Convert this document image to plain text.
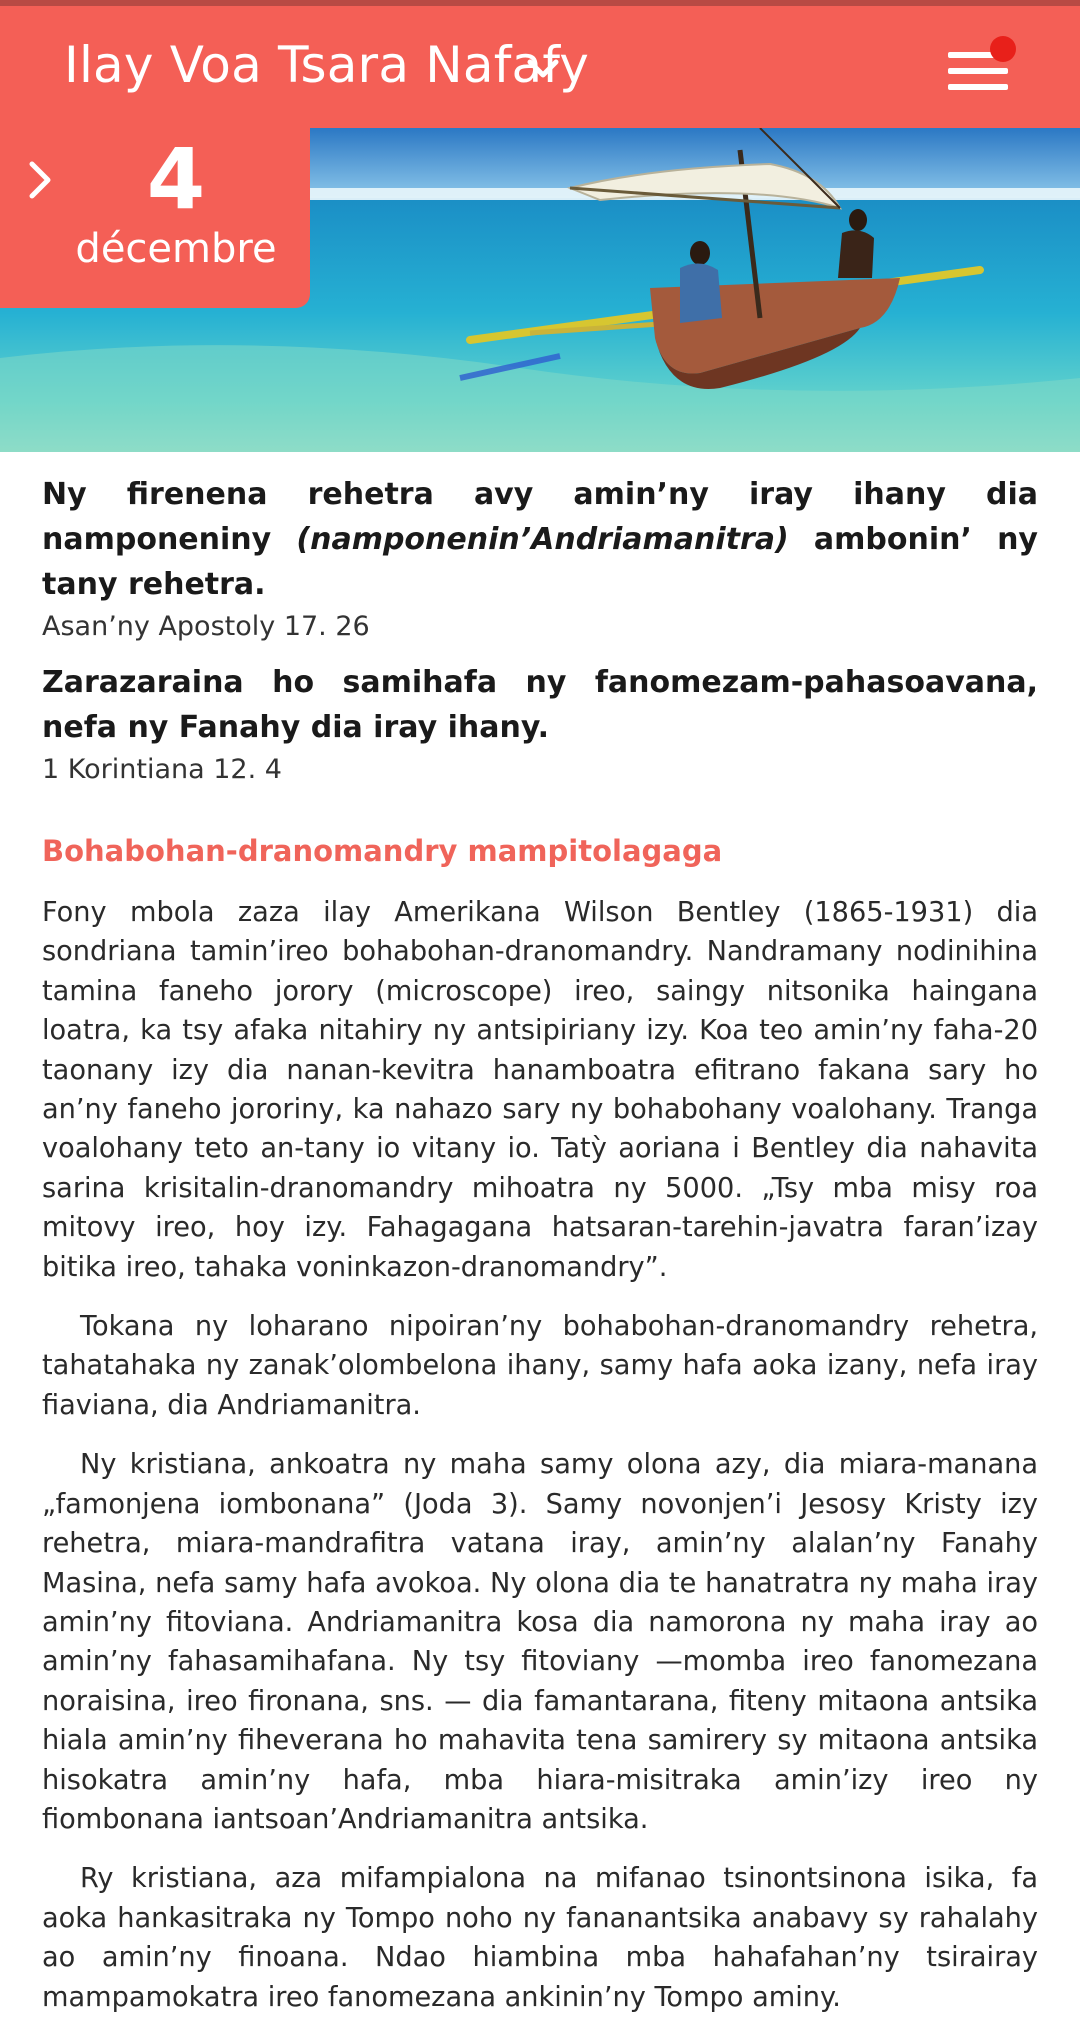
Ilay Voa Tsara Nafafy
4
décembre

Ny firenena rehetra avy amin’ny iray ihany dia namponeniny (namponenin’Andriamanitra) ambonin’ ny tany rehetra.

Asan’ny Apostoly 17. 26

Zarazaraina ho samihafa ny fanomezam-pahasoavana, nefa ny Fanahy dia iray ihany.

1 Korintiana 12. 4

Bohabohan-dranomandry mampitolagaga

Fony mbola zaza ilay Amerikana Wilson Bentley (1865-1931) dia sondriana tamin’ireo bohabohan-dranomandry. Nandramany nodinihina tamina faneho jorory (microscope) ireo, saingy nitsonika haingana loatra, ka tsy afaka nitahiry ny antsipiriany izy. Koa teo amin’ny faha-20 taonany izy dia nanan-kevitra hanamboatra efitrano fakana sary ho an’ny faneho jororiny, ka nahazo sary ny bohabohany voalohany. Tranga voalohany teto an-tany io vitany io. Tatỳ aoriana i Bentley dia nahavita sarina krisitalin-dranomandry mihoatra ny 5000. „Tsy mba misy roa mitovy ireo, hoy izy. Fahagagana hatsaran-tarehin-javatra faran’izay bitika ireo, tahaka voninkazon-dranomandry”.

Tokana ny loharano nipoiran’ny bohabohan-dranomandry rehetra, tahatahaka ny zanak’olombelona ihany, samy hafa aoka izany, nefa iray fiaviana, dia Andriamanitra.

Ny kristiana, ankoatra ny maha samy olona azy, dia miara-manana „famonjena iombonana” (Joda 3). Samy novonjen’i Jesosy Kristy izy rehetra, miara-mandrafitra vatana iray, amin’ny alalan’ny Fanahy Masina, nefa samy hafa avokoa. Ny olona dia te hanatratra ny maha iray amin’ny fitoviana. Andriamanitra kosa dia namorona ny maha iray ao amin’ny fahasamihafana. Ny tsy fitoviany —momba ireo fanomezana noraisina, ireo fironana, sns. — dia famantarana, fiteny mitaona antsika hiala amin’ny fiheverana ho mahavita tena samirery sy mitaona antsika hisokatra amin’ny hafa, mba hiara-misitraka amin’izy ireo ny fiombonana iantsoan’Andriamanitra antsika.

Ry kristiana, aza mifampialona na mifanao tsinontsinona isika, fa aoka hankasitraka ny Tompo noho ny fananantsika anabavy sy rahalahy ao amin’ny finoana. Ndao hiambina mba hahafahan’ny tsirairay mampamokatra ireo fanomezana ankinin’ny Tompo aminy.
